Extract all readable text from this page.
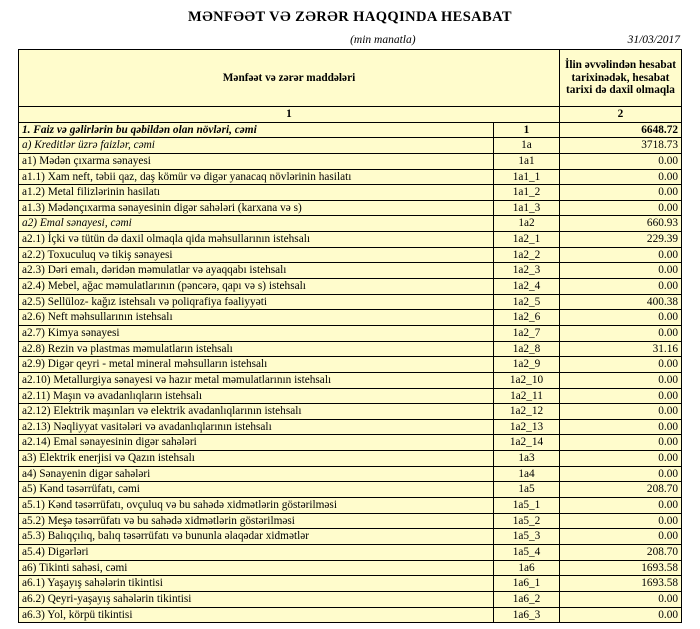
MƏNFƏƏT VƏ ZƏRƏR HAQQINDA HESABAT
(min manatla)	31/03/2017
Mənfəət və zərər maddələri		İlin əvvəlindən hesabat tarixinədək, hesabat tarixi də daxil olmaqla
1		2
1. Faiz və gəlirlərin bu qəbildən olan növləri, cəmi	1	6648.72
a) Kreditlər üzrə faizlər, cəmi	1a	3718.73
a1) Mədən çıxarma sənayesi	1a1	0.00
a1.1) Xam neft, təbii qaz, daş kömür və digər yanacaq növlərinin hasilatı	1a1_1	0.00
a1.2) Metal filizlərinin hasilatı	1a1_2	0.00
a1.3) Mədənçıxarma sənayesinin digər sahələri (karxana və s)	1a1_3	0.00
a2) Emal sənayesi, cəmi	1a2	660.93
a2.1) İçki və tütün də daxil olmaqla qida məhsullarının istehsalı	1a2_1	229.39
a2.2) Toxuculuq və tikiş sənayesi	1a2_2	0.00
a2.3) Dəri emalı, dəridən məmulatlar və ayaqqabı istehsalı	1a2_3	0.00
a2.4) Mebel, ağac məmulatlarının (pəncərə, qapı və s) istehsalı	1a2_4	0.00
a2.5) Sellüloz- kağız istehsalı və poliqrafiya fəaliyyəti	1a2_5	400.38
a2.6) Neft məhsullarının istehsalı	1a2_6	0.00
a2.7) Kimya sənayesi	1a2_7	0.00
a2.8) Rezin və plastmas məmulatların istehsalı	1a2_8	31.16
a2.9) Digər qeyri - metal mineral məhsulların istehsalı	1a2_9	0.00
a2.10) Metallurgiya sənayesi və hazır metal məmulatlarının istehsalı	1a2_10	0.00
a2.11) Maşın və avadanlıqların istehsalı	1a2_11	0.00
a2.12) Elektrik maşınları və elektrik avadanlıqlarının istehsalı	1a2_12	0.00
a2.13) Nəqliyyat vasitələri və avadanlıqlarının istehsalı	1a2_13	0.00
a2.14) Emal sənayesinin digər sahələri	1a2_14	0.00
a3) Elektrik enerjisi və Qazın istehsalı	1a3	0.00
a4) Sənayenin digər sahələri	1a4	0.00
a5) Kənd təsərrüfatı, cəmi	1a5	208.70
a5.1) Kənd təsərrüfatı, ovçuluq və bu sahədə xidmətlərin göstərilməsi	1a5_1	0.00
a5.2) Meşə təsərrüfatı və bu sahədə xidmətlərin göstərilməsi	1a5_2	0.00
a5.3) Balıqçılıq, balıq təsərrüfatı və bununla əlaqədar xidmətlər	1a5_3	0.00
a5.4) Digərləri	1a5_4	208.70
a6) Tikinti sahəsi, cəmi	1a6	1693.58
a6.1) Yaşayış sahələrin tikintisi	1a6_1	1693.58
a6.2) Qeyri-yaşayış sahələrin tikintisi	1a6_2	0.00
a6.3) Yol, körpü tikintisi	1a6_3	0.00
